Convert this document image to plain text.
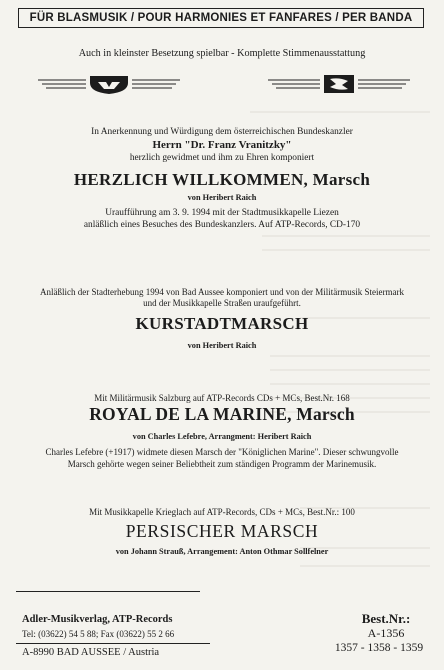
FÜR BLASMUSIK / POUR HARMONIES ET FANFARES / PER BANDA
Auch in kleinster Besetzung spielbar - Komplette Stimmenausstattung
In Anerkennung und Würdigung dem österreichischen Bundeskanzler
Herrn "Dr. Franz Vranitzky"
herzlich gewidmet und ihm zu Ehren komponiert
HERZLICH WILLKOMMEN, Marsch
von Heribert Raich
Uraufführung am 3. 9. 1994 mit der Stadtmusikkapelle Liezen
anläßlich eines Besuches des Bundeskanzlers. Auf ATP-Records, CD-170
Anläßlich der Stadterhebung 1994 von Bad Aussee komponiert und von der Militärmusik Steiermark
und der Musikkapelle Straßen uraufgeführt.
KURSTADTMARSCH
von Heribert Raich
Mit Militärmusik Salzburg auf ATP-Records CDs + MCs, Best.Nr. 168
ROYAL DE LA MARINE, Marsch
von Charles Lefebre, Arrangment: Heribert Raich
Charles Lefebre (+1917) widmete diesen Marsch der "Königlichen Marine". Dieser schwungvolle
Marsch gehörte wegen seiner Beliebtheit zum ständigen Programm der Marinemusik.
Mit Musikkapelle Krieglach auf ATP-Records, CDs + MCs, Best.Nr.: 100
PERSISCHER MARSCH
von Johann Strauß, Arrangement: Anton Othmar Sollfelner
Adler-Musikverlag, ATP-Records
Tel: (03622) 54 5 88; Fax (03622) 55 2 66
A-8990 BAD AUSSEE / Austria
Best.Nr.:
A-1356
1357 - 1358 - 1359
